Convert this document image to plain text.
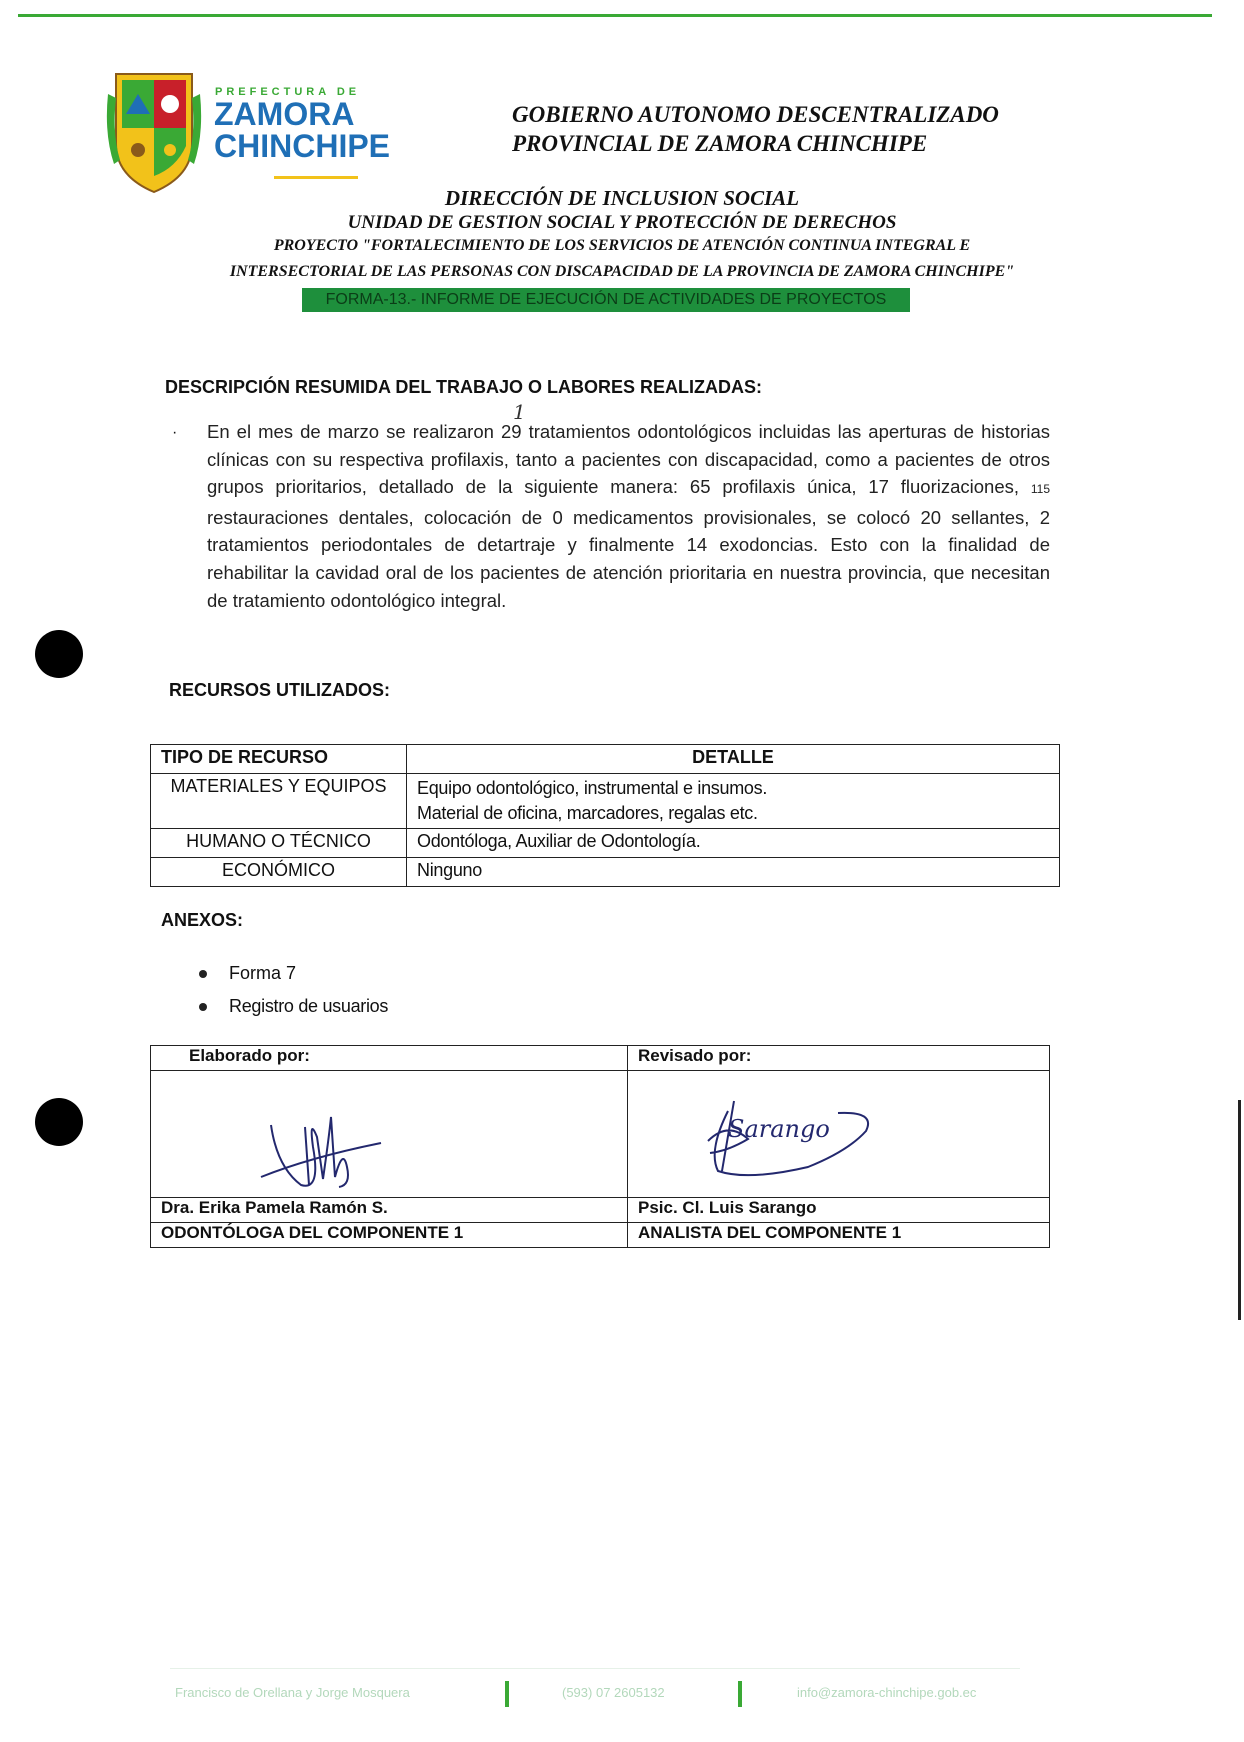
PREFECTURA DE
ZAMORA
CHINCHIPE
GOBIERNO AUTONOMO DESCENTRALIZADO
PROVINCIAL DE ZAMORA CHINCHIPE
DIRECCIÓN DE INCLUSION SOCIAL
UNIDAD DE GESTION SOCIAL Y PROTECCIÓN DE DERECHOS
PROYECTO "FORTALECIMIENTO DE LOS SERVICIOS DE ATENCIÓN CONTINUA INTEGRAL E
INTERSECTORIAL DE LAS PERSONAS CON DISCAPACIDAD DE LA PROVINCIA DE ZAMORA CHINCHIPE"
FORMA-13.- INFORME DE EJECUCIÓN DE ACTIVIDADES DE PROYECTOS
DESCRIPCIÓN RESUMIDA DEL TRABAJO O LABORES REALIZADAS:
· En el mes de marzo se realizaron 29
1
tratamientos odontológicos incluidas las aperturas de historias clínicas con su respectiva profilaxis, tanto a pacientes con discapacidad, como a pacientes de otros grupos prioritarios, detallado de la siguiente manera: 65 profilaxis única, 17 fluorizaciones, 115 restauraciones dentales, colocación de 0 medicamentos provisionales, se colocó 20 sellantes, 2 tratamientos periodontales de detartraje y finalmente 14 exodoncias. Esto con la finalidad de rehabilitar la cavidad oral de los pacientes de atención prioritaria en nuestra provincia, que necesitan de tratamiento odontológico integral.
RECURSOS UTILIZADOS:
TIPO DE RECURSO	DETALLE
MATERIALES Y EQUIPOS	Equipo odontológico, instrumental e insumos.
Material de oficina, marcadores, regalas etc.

HUMANO O TÉCNICO	Odontóloga, Auxiliar de Odontología.
ECONÓMICO	Ninguno
ANEXOS:
Forma 7
Registro de usuarios
Elaborado por:	Revisado por:

Sarango

Dra. Erika Pamela Ramón S.	Psic. Cl. Luis Sarango
ODONTÓLOGA DEL COMPONENTE 1	ANALISTA DEL COMPONENTE 1
Francisco de Orellana y Jorge Mosquera	(593) 07 2605132	info@zamora-chinchipe.gob.ec
